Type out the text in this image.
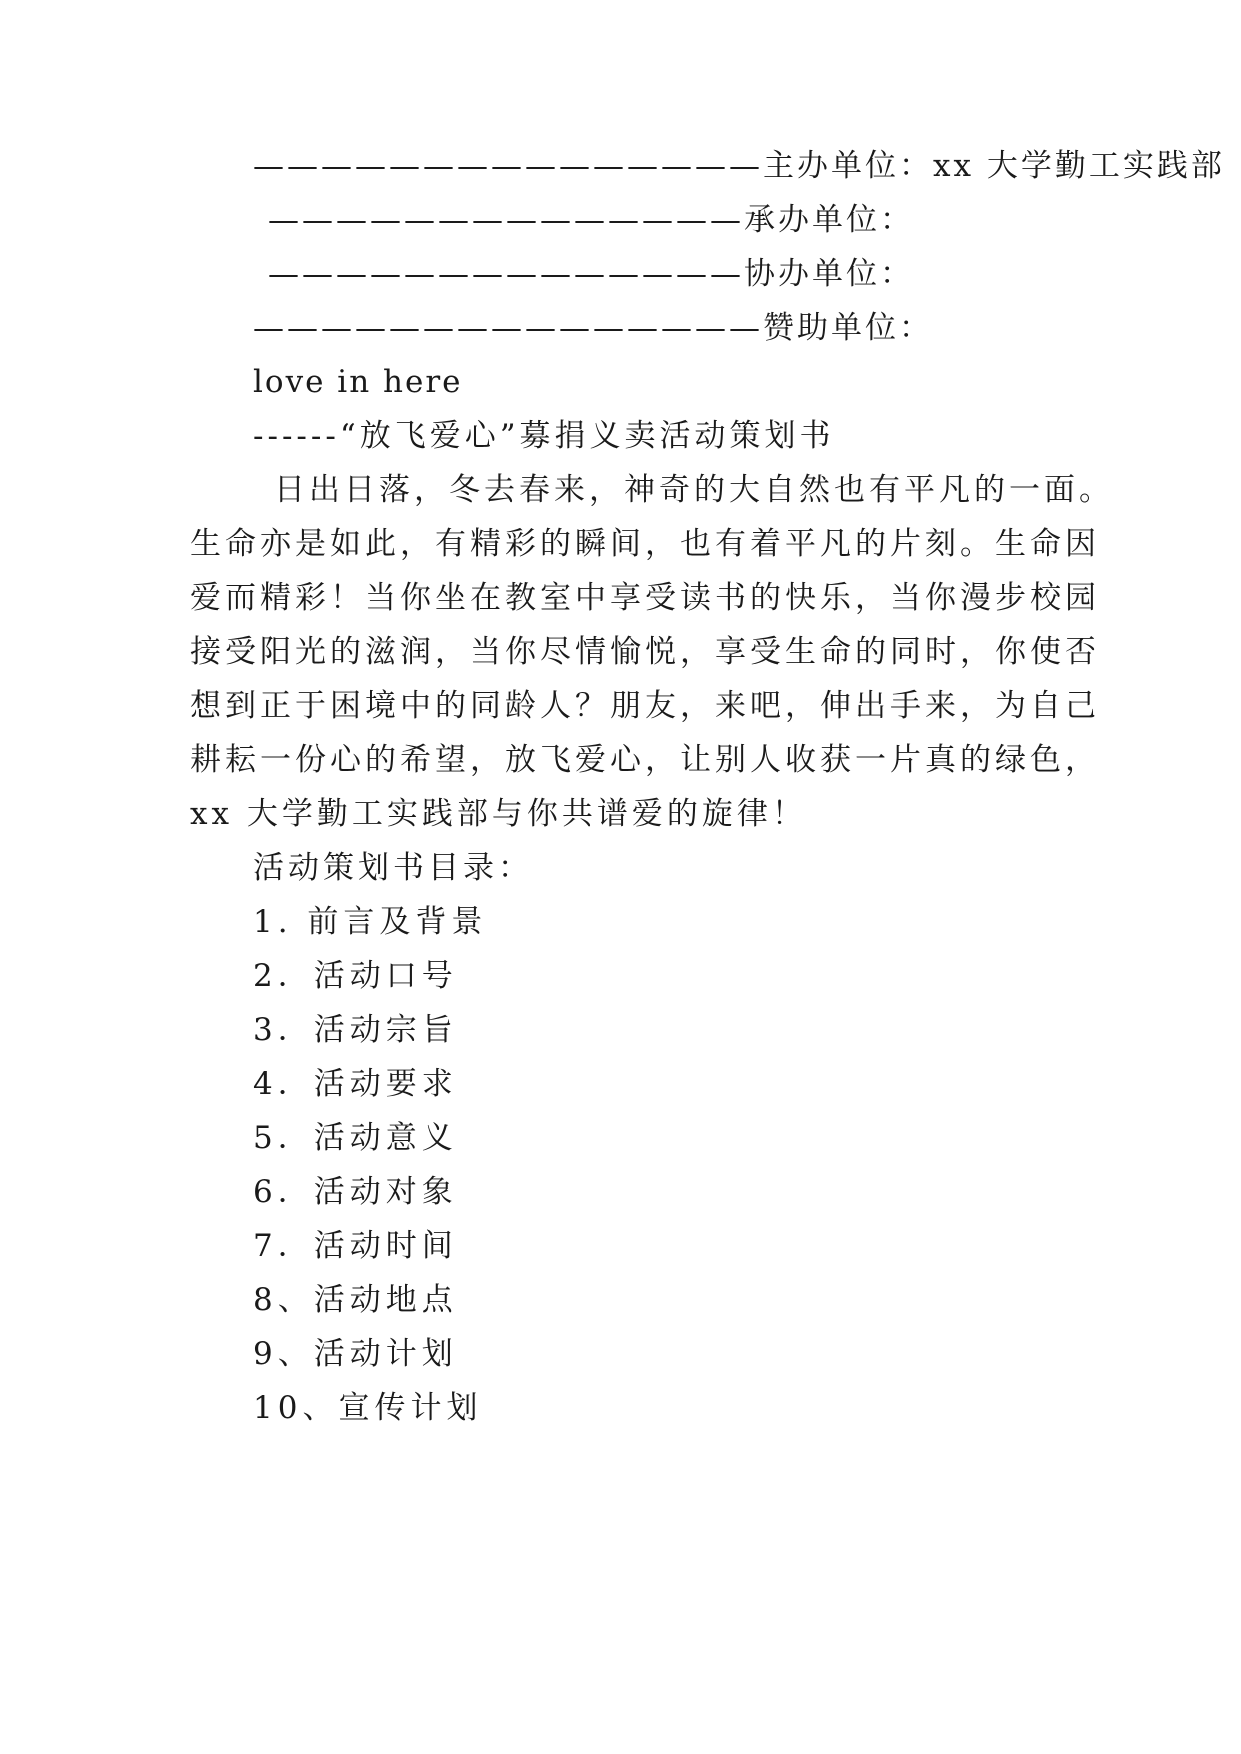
———————————————主办单位：xx 大学勤工实践部
——————————————承办单位：
——————————————协办单位：
———————————————赞助单位：
love in here
------“放飞爱心”募捐义卖活动策划书
日出日落，冬去春来，神奇的大自然也有平凡的一面。
生命亦是如此，有精彩的瞬间，也有着平凡的片刻。生命因
爱而精彩！当你坐在教室中享受读书的快乐，当你漫步校园
接受阳光的滋润，当你尽情愉悦，享受生命的同时，你使否
想到正于困境中的同龄人？朋友，来吧，伸出手来，为自己
耕耘一份心的希望，放飞爱心，让别人收获一片真的绿色，
xx 大学勤工实践部与你共谱爱的旋律！
活动策划书目录：
1. 前言及背景
2．活动口号
3．活动宗旨
4．活动要求
5．活动意义
6．活动对象
7．活动时间
8、活动地点
9、活动计划
10、宣传计划
